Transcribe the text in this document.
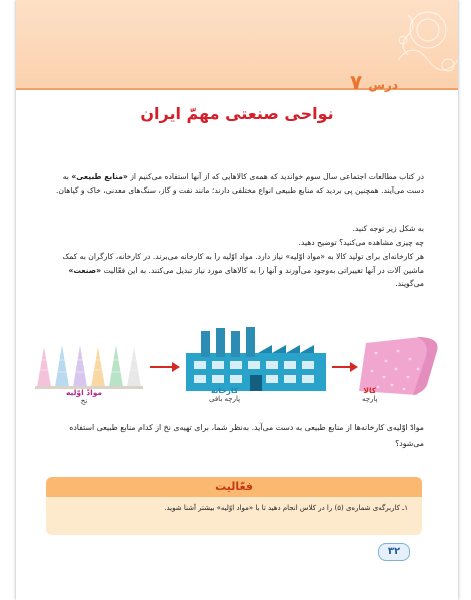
درس ۷
نواحی صنعتی مهمّ ایران
در کتاب مطالعات اجتماعی سال سوم خواندید که همه‌ی کالاهایی که از آنها استفاده می‌کنیم از «منابع طبیعی» به دست می‌آیند. همچنین پی بردید که منابع طبیعی انواع مختلفی دارند؛ مانند نفت و گاز، سنگ‌های معدنی، خاک و گیاهان.
به شکل زیر توجه کنید.
چه چیزی مشاهده می‌کنید؟ توضیح دهید.
هر کارخانه‌ای برای تولید کالا به «مواد اوّلیه» نیاز دارد. مواد اوّلیه را به کارخانه می‌برند. در کارخانه، کارگران به کمک ماشین آلات در آنها تغییراتی به‌وجود می‌آورند و آنها را به کالاهای مورد نیاز تبدیل می‌کنند. به این فعّالیت «صنعت» می‌گویند.
موادّ اوّلیه
نخ
کارخانه
پارچه بافی
کالا
پارچه
موادّ اوّلیه‌ی کارخانه‌ها از منابع طبیعی به دست می‌آید. به‌نظر شما، برای تهیه‌ی نخ از کدام منابع طبیعی استفاده می‌شود؟
فعّالیت
۱ـ کاربرگه‌ی شماره‌ی (۵) را در کلاس انجام دهید تا با «مواد اوّلیه» بیشتر آشنا شوید.
۳۲
